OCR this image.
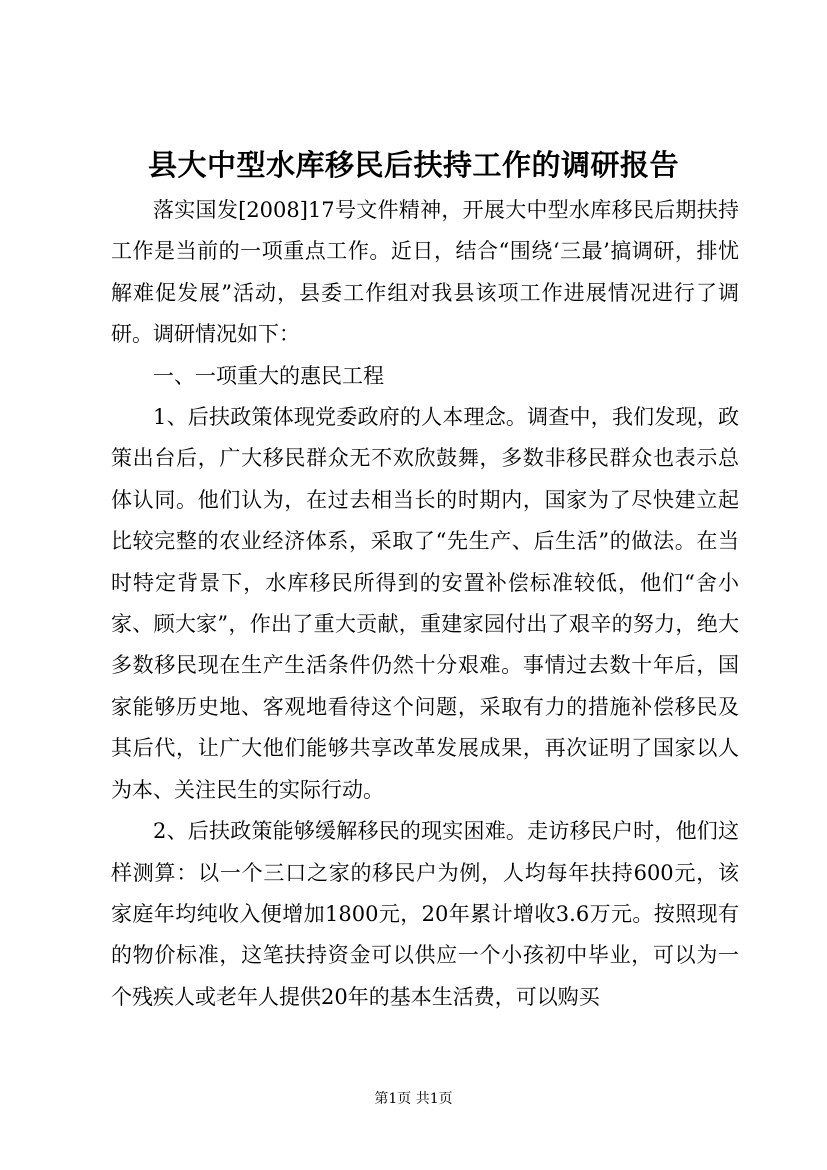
县大中型水库移民后扶持工作的调研报告

落实国发[2008]17号文件精神，开展大中型水库移民后期扶持工作是当前的一项重点工作。近日，结合“围绕‘三最’搞调研，排忧解难促发展”活动，县委工作组对我县该项工作进展情况进行了调研。调研情况如下：

一、一项重大的惠民工程

1、后扶政策体现党委政府的人本理念。调查中，我们发现，政策出台后，广大移民群众无不欢欣鼓舞，多数非移民群众也表示总体认同。他们认为，在过去相当长的时期内，国家为了尽快建立起比较完整的农业经济体系，采取了“先生产、后生活”的做法。在当时特定背景下，水库移民所得到的安置补偿标准较低，他们“舍小家、顾大家”，作出了重大贡献，重建家园付出了艰辛的努力，绝大多数移民现在生产生活条件仍然十分艰难。事情过去数十年后，国家能够历史地、客观地看待这个问题，采取有力的措施补偿移民及其后代，让广大他们能够共享改革发展成果，再次证明了国家以人为本、关注民生的实际行动。

2、后扶政策能够缓解移民的现实困难。走访移民户时，他们这样测算：以一个三口之家的移民户为例，人均每年扶持600元，该家庭年均纯收入便增加1800元，20年累计增收3.6万元。按照现有的物价标准，这笔扶持资金可以供应一个小孩初中毕业，可以为一个残疾人或老年人提供20年的基本生活费，可以购买

第1页 共1页
